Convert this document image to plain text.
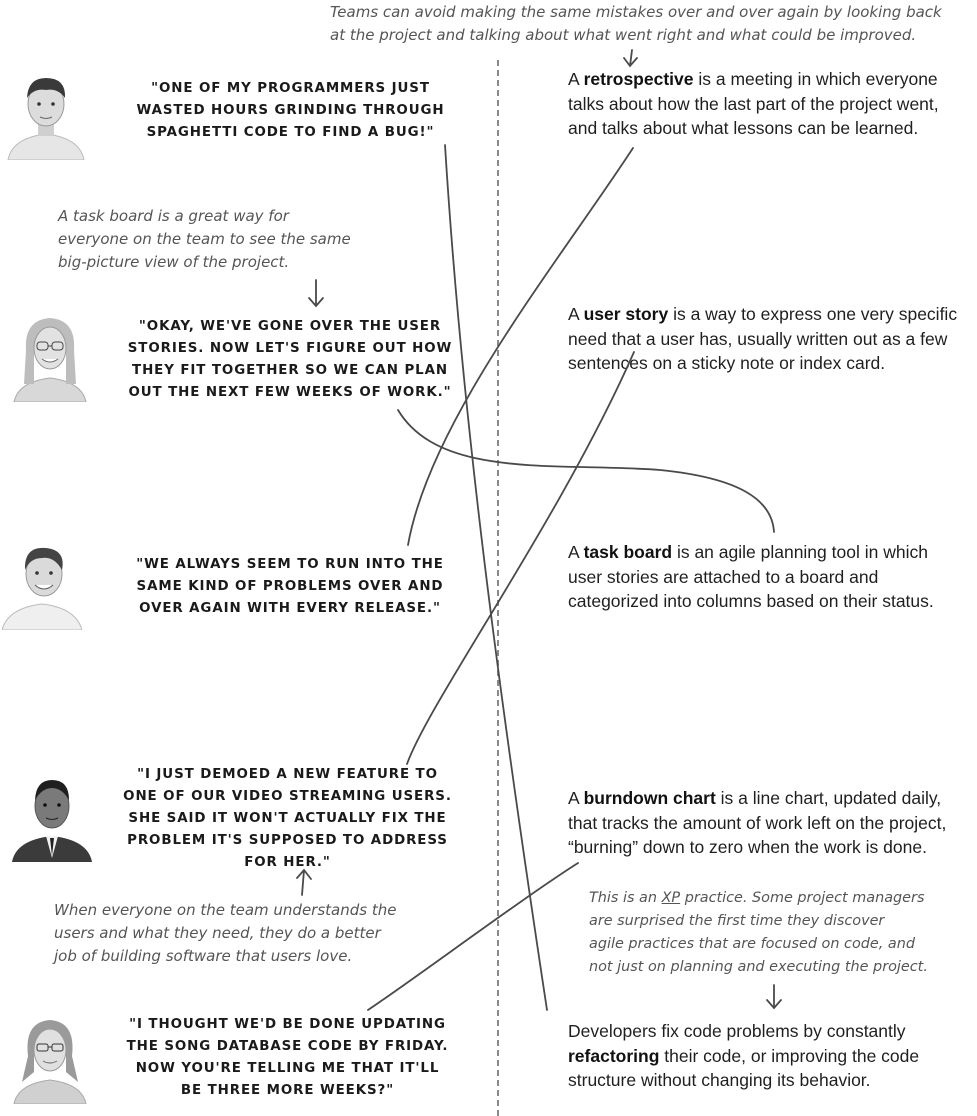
Teams can avoid making the same mistakes over and over again by looking back

at the project and talking about what went right and what could be improved.

A task board is a great way for

everyone on the team to see the same

big-picture view of the project.

When everyone on the team understands the

users and what they need, they do a better

job of building software that users love.

This is an XP practice. Some project managers

are surprised the first time they discover

agile practices that are focused on code, and

not just on planning and executing the project.

"ONE OF MY PROGRAMMERS JUST

WASTED HOURS GRINDING THROUGH

SPAGHETTI CODE TO FIND A BUG!"

"OKAY, WE'VE GONE OVER THE USER

STORIES. NOW LET'S FIGURE OUT HOW

THEY FIT TOGETHER SO WE CAN PLAN

OUT THE NEXT FEW WEEKS OF WORK."

"WE ALWAYS SEEM TO RUN INTO THE

SAME KIND OF PROBLEMS OVER AND

OVER AGAIN WITH EVERY RELEASE."

"I JUST DEMOED A NEW FEATURE TO

ONE OF OUR VIDEO STREAMING USERS.

SHE SAID IT WON'T ACTUALLY FIX THE

PROBLEM IT'S SUPPOSED TO ADDRESS

FOR HER."

"I THOUGHT WE'D BE DONE UPDATING

THE SONG DATABASE CODE BY FRIDAY.

NOW YOU'RE TELLING ME THAT IT'LL

BE THREE MORE WEEKS?"

A retrospective is a meeting in which everyone

talks about how the last part of the project went,

and talks about what lessons can be learned.

A user story is a way to express one very specific

need that a user has, usually written out as a few

sentences on a sticky note or index card.

A task board is an agile planning tool in which

user stories are attached to a board and

categorized into columns based on their status.

A burndown chart is a line chart, updated daily,

that tracks the amount of work left on the project,

“burning” down to zero when the work is done.

Developers fix code problems by constantly

refactoring their code, or improving the code

structure without changing its behavior.
